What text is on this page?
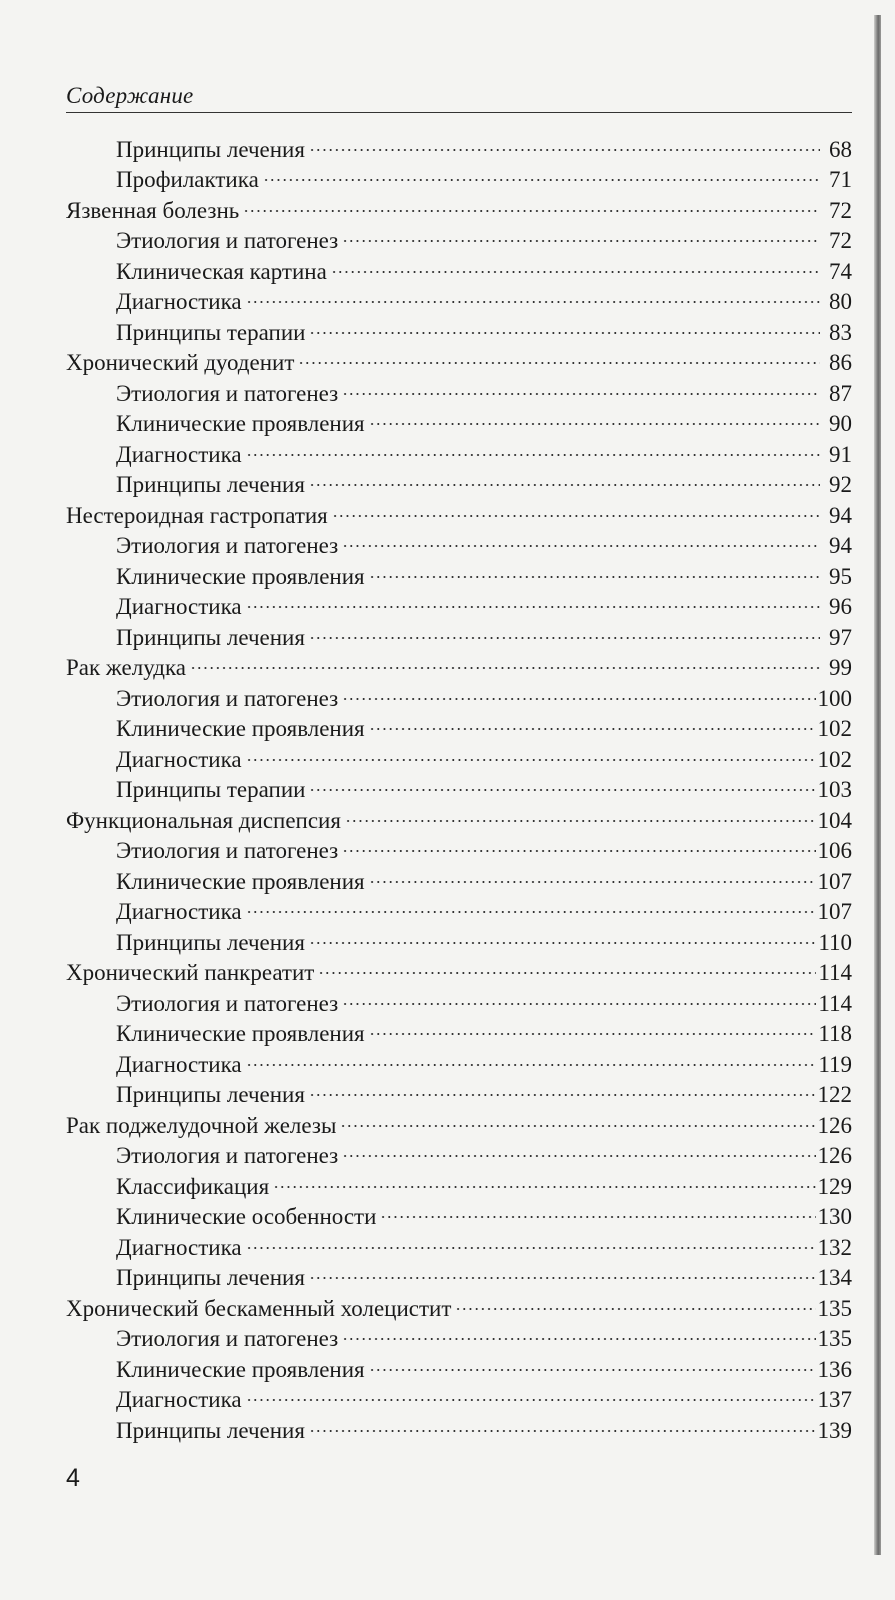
Содержание
Принципы лечения	68
Профилактика	71
Язвенная болезнь	72
Этиология и патогенез	72
Клиническая картина	74
Диагностика	80
Принципы терапии	83
Хронический дуоденит	86
Этиология и патогенез	87
Клинические проявления	90
Диагностика	91
Принципы лечения	92
Нестероидная гастропатия	94
Этиология и патогенез	94
Клинические проявления	95
Диагностика	96
Принципы лечения	97
Рак желудка	99
Этиология и патогенез	100
Клинические проявления	102
Диагностика	102
Принципы терапии	103
Функциональная диспепсия	104
Этиология и патогенез	106
Клинические проявления	107
Диагностика	107
Принципы лечения	110
Хронический панкреатит	114
Этиология и патогенез	114
Клинические проявления	118
Диагностика	119
Принципы лечения	122
Рак поджелудочной железы	126
Этиология и патогенез	126
Классификация	129
Клинические особенности	130
Диагностика	132
Принципы лечения	134
Хронический бескаменный холецистит	135
Этиология и патогенез	135
Клинические проявления	136
Диагностика	137
Принципы лечения	139
4
